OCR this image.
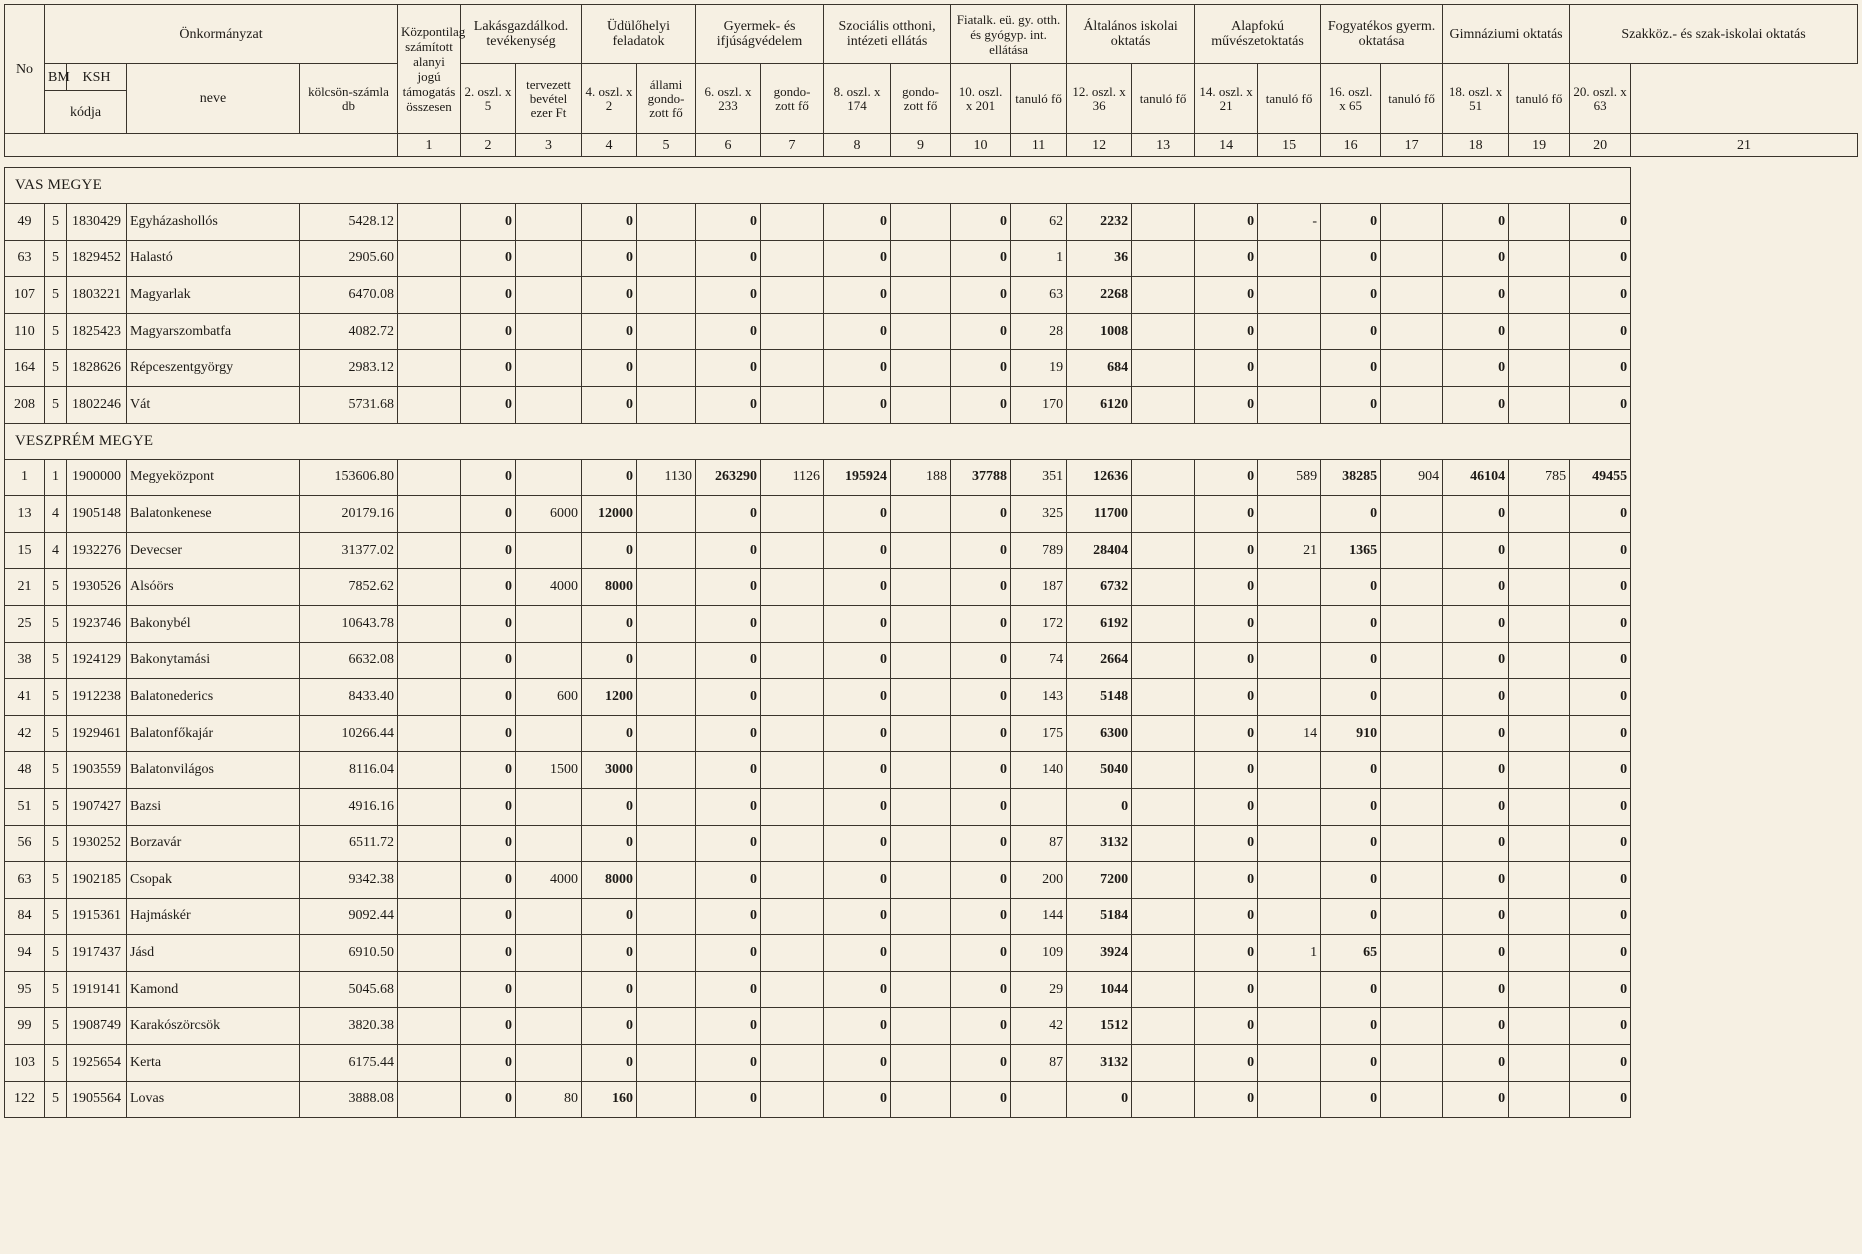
No	Önkormányzat				Központilag számított alanyi jogú támogatás összesen	Lakásgazdálkod. tevékenység		Üdülőhelyi feladatok		Gyermek- és ifjúságvédelem		Szociális otthoni, intézeti ellátás		Fiatalk. eü. gy. otth. és gyógyp. int. ellátása		Általános iskolai oktatás		Alapfokú művészetoktatás		Fogyatékos gyerm. oktatása		Gimnáziumi oktatás		Szakköz.- és szak-iskolai oktatás	
	BM	KSH	neve	kölcsön-számla db		2. oszl. x 5	tervezett bevétel ezer Ft	4. oszl. x 2	állami gondo-zott fő	6. oszl. x 233	gondo-zott fő	8. oszl. x 174	gondo-zott fő	10. oszl. x 201	tanuló fő	12. oszl. x 36	tanuló fő	14. oszl. x 21	tanuló fő	16. oszl. x 65	tanuló fő	18. oszl. x 51	tanuló fő	20. oszl. x 63	
	kódja																								
					1	2	3	4	5	6	7	8	9	10	11	12	13	14	15	16	17	18	19	20	21

VAS MEGYE																									
49	5	1830429	Egyházashollós	5428.12		0		0		0		0		0	62	2232		0	-	0		0		0	
63	5	1829452	Halastó	2905.60		0		0		0		0		0	1	36		0		0		0		0	
107	5	1803221	Magyarlak	6470.08		0		0		0		0		0	63	2268		0		0		0		0	
110	5	1825423	Magyarszombatfa	4082.72		0		0		0		0		0	28	1008		0		0		0		0	
164	5	1828626	Répceszentgyörgy	2983.12		0		0		0		0		0	19	684		0		0		0		0	
208	5	1802246	Vát	5731.68		0		0		0		0		0	170	6120		0		0		0		0	
VESZPRÉM MEGYE																									
1	1	1900000	Megyeközpont	153606.80		0		0	1130	263290	1126	195924	188	37788	351	12636		0	589	38285	904	46104	785	49455	
13	4	1905148	Balatonkenese	20179.16		0	6000	12000		0		0		0	325	11700		0		0		0		0	
15	4	1932276	Devecser	31377.02		0		0		0		0		0	789	28404		0	21	1365		0		0	
21	5	1930526	Alsóörs	7852.62		0	4000	8000		0		0		0	187	6732		0		0		0		0	
25	5	1923746	Bakonybél	10643.78		0		0		0		0		0	172	6192		0		0		0		0	
38	5	1924129	Bakonytamási	6632.08		0		0		0		0		0	74	2664		0		0		0		0	
41	5	1912238	Balatonederics	8433.40		0	600	1200		0		0		0	143	5148		0		0		0		0	
42	5	1929461	Balatonfőkajár	10266.44		0		0		0		0		0	175	6300		0	14	910		0		0	
48	5	1903559	Balatonvilágos	8116.04		0	1500	3000		0		0		0	140	5040		0		0		0		0	
51	5	1907427	Bazsi	4916.16		0		0		0		0		0		0		0		0		0		0	
56	5	1930252	Borzavár	6511.72		0		0		0		0		0	87	3132		0		0		0		0	
63	5	1902185	Csopak	9342.38		0	4000	8000		0		0		0	200	7200		0		0		0		0	
84	5	1915361	Hajmáskér	9092.44		0		0		0		0		0	144	5184		0		0		0		0	
94	5	1917437	Jásd	6910.50		0		0		0		0		0	109	3924		0	1	65		0		0	
95	5	1919141	Kamond	5045.68		0		0		0		0		0	29	1044		0		0		0		0	
99	5	1908749	Karakószörcsök	3820.38		0		0		0		0		0	42	1512		0		0		0		0	
103	5	1925654	Kerta	6175.44		0		0		0		0		0	87	3132		0		0		0		0	
122	5	1905564	Lovas	3888.08		0	80	160		0		0		0		0		0		0		0		0	
